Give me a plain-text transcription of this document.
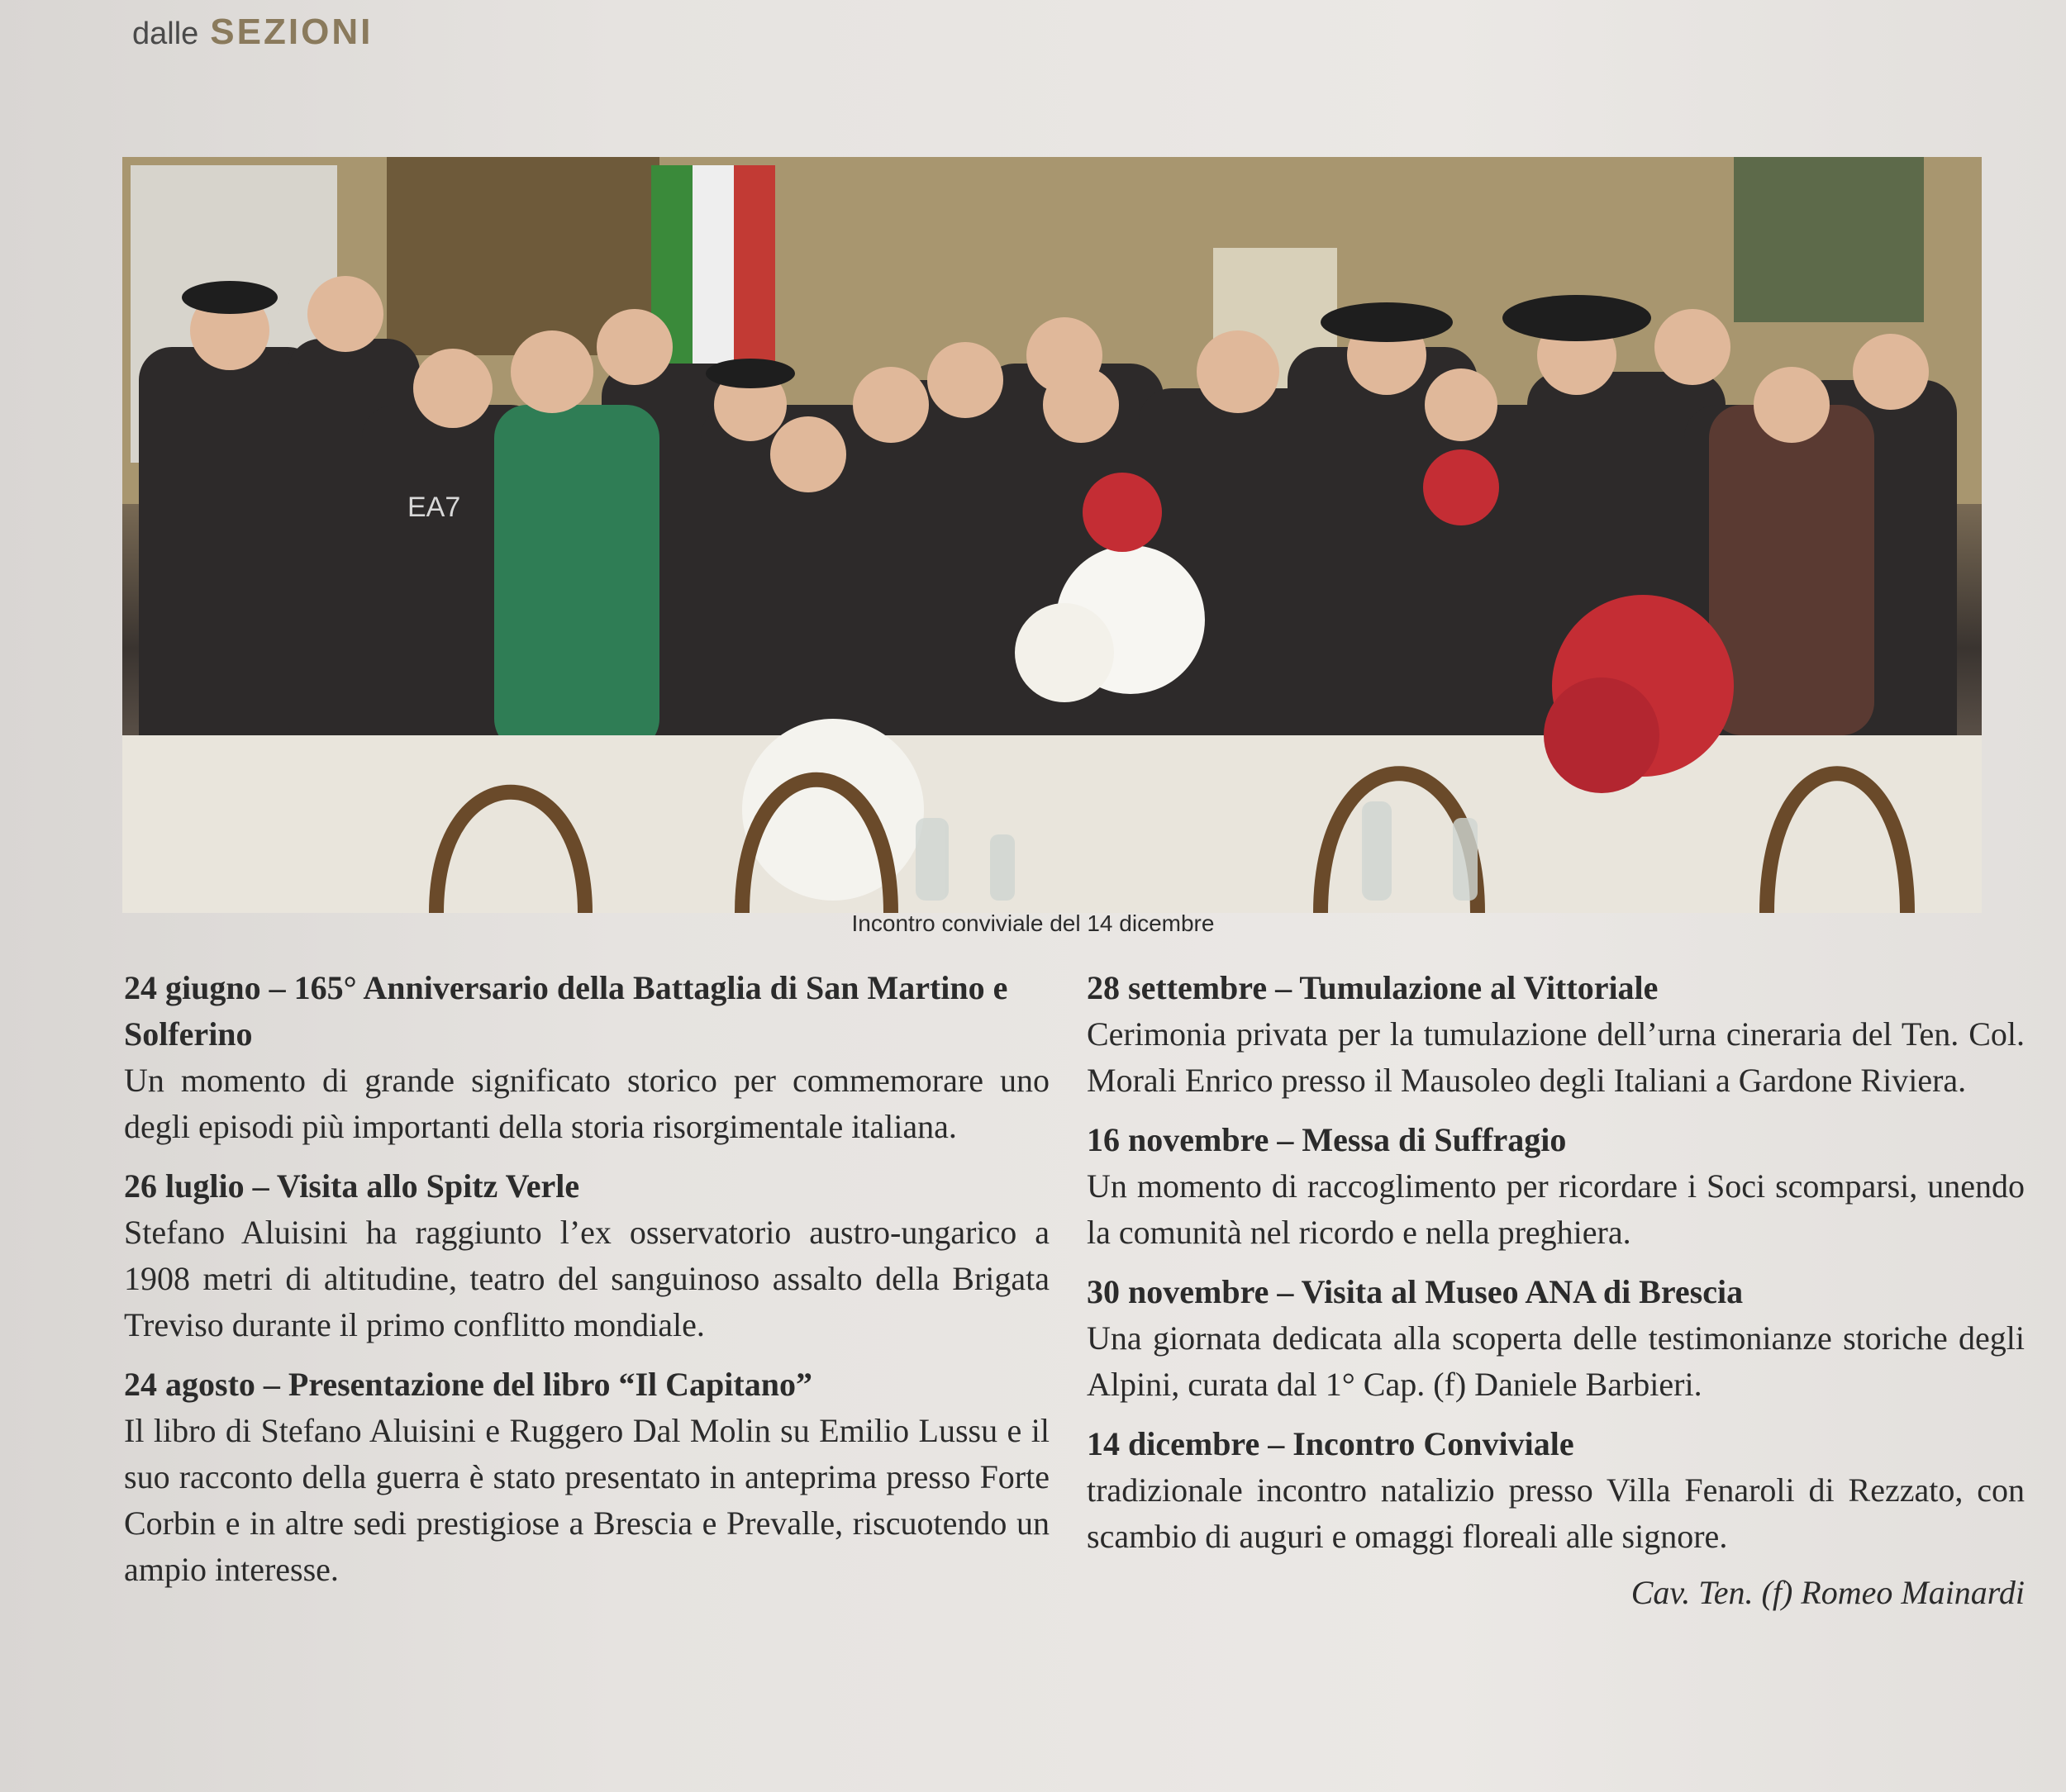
dalle SEZIONI
EA7
Incontro conviviale del 14 dicembre

24 giugno – 165° Anniversario della Battaglia di San Martino e Solferino

Un momento di grande significato storico per commemorare uno degli episodi più importanti della storia risorgimentale italiana.

26 luglio – Visita allo Spitz Verle

Stefano Aluisini ha raggiunto l’ex osservatorio austro-ungarico a 1908 metri di altitudine, teatro del sanguinoso assalto della Brigata Treviso durante il primo conflitto mondiale.

24 agosto – Presentazione del libro “Il Capitano”

Il libro di Stefano Aluisini e Ruggero Dal Molin su Emilio Lussu e il suo racconto della guerra è stato presentato in anteprima presso Forte Corbin e in altre sedi prestigiose a Brescia e Prevalle, riscuotendo un ampio interesse.

28 settembre – Tumulazione al Vittoriale

Cerimonia privata per la tumulazione dell’urna cineraria del Ten. Col. Morali Enrico presso il Mausoleo degli Italiani a Gardone Riviera.

16 novembre – Messa di Suffragio

Un momento di raccoglimento per ricordare i Soci scomparsi, unendo la comunità nel ricordo e nella preghiera.

30 novembre – Visita al Museo ANA di Brescia

Una giornata dedicata alla scoperta delle testimonianze storiche degli Alpini, curata dal 1° Cap. (f) Daniele Barbieri.

14 dicembre – Incontro Conviviale

tradizionale incontro natalizio presso Villa Fenaroli di Rezzato, con scambio di auguri e omaggi floreali alle signore.

Cav. Ten. (f) Romeo Mainardi
